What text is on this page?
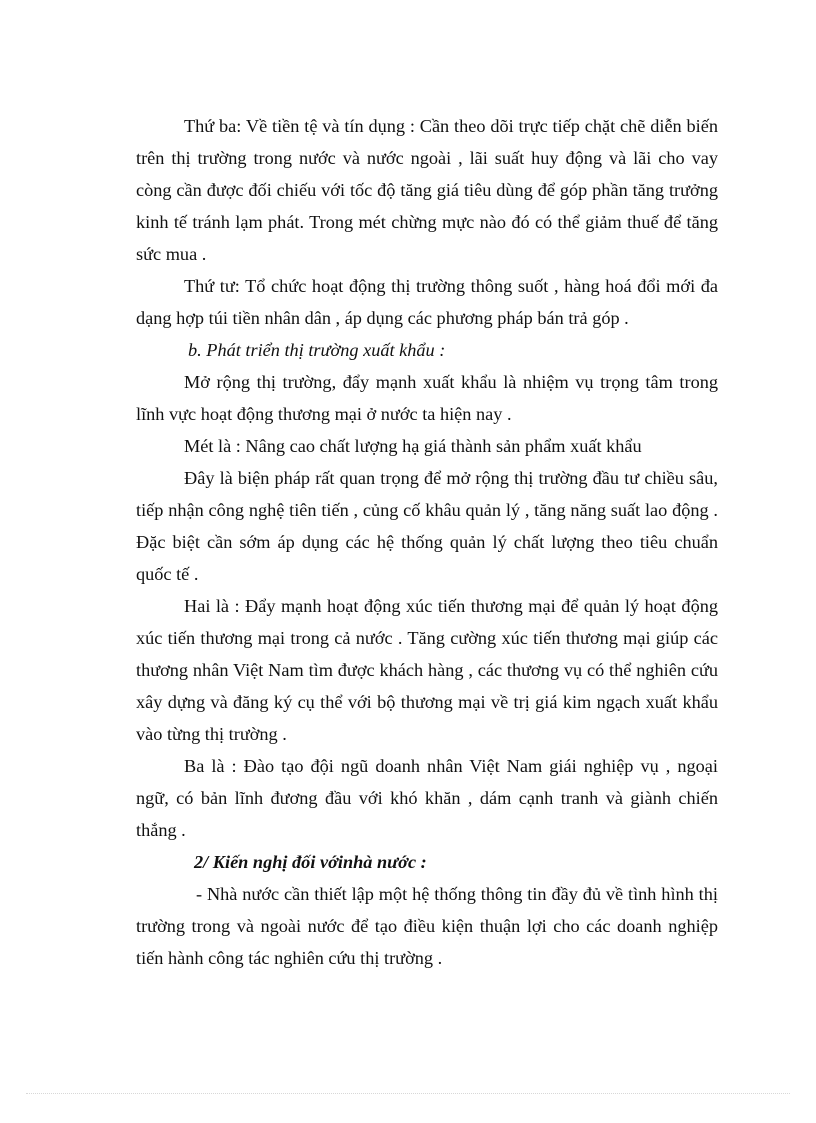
Thứ ba: Về tiền tệ và tín dụng : Cần theo dõi trực tiếp chặt chẽ diễn biến trên thị trường trong nước và nước ngoài , lãi suất huy động và lãi cho vay còng cần được đối chiếu với tốc độ tăng giá tiêu dùng để góp phần tăng trưởng kinh tế tránh lạm phát. Trong mét chừng mực nào đó có thể giảm thuế để tăng sức mua .

Thứ tư: Tổ chức hoạt động thị trường thông suốt , hàng hoá đổi mới đa dạng hợp túi tiền nhân dân , áp dụng các phương pháp bán trả góp .

b. Phát triển thị trường xuất khẩu :

Mở rộng thị trường, đẩy mạnh xuất khẩu là nhiệm vụ trọng tâm trong lĩnh vực hoạt động thương mại ở nước ta hiện nay .

Mét là : Nâng cao chất lượng hạ giá thành sản phẩm xuất khẩu

Đây là biện pháp rất quan trọng để mở rộng thị trường đầu tư chiều sâu, tiếp nhận công nghệ tiên tiến , củng cố khâu quản lý , tăng năng suất lao động . Đặc biệt cần sớm áp dụng các hệ thống quản lý chất lượng theo tiêu chuẩn quốc tế .

Hai là : Đẩy mạnh hoạt động xúc tiến thương mại để quản lý hoạt động xúc tiến thương mại trong cả nước . Tăng cường xúc tiến thương mại giúp các thương nhân Việt Nam tìm được khách hàng , các thương vụ có thể nghiên cứu xây dựng và đăng ký cụ thể với bộ thương mại về trị giá kim ngạch xuất khẩu vào từng thị trường .

Ba là : Đào tạo đội ngũ doanh nhân Việt Nam giái nghiệp vụ , ngoại ngữ, có bản lĩnh đương đầu với khó khăn , dám cạnh tranh và giành chiến thắng .

2/ Kiến nghị đối vớinhà nước :

- Nhà nước cần thiết lập một hệ thống thông tin đầy đủ về tình hình thị trường trong và ngoài nước để tạo điều kiện thuận lợi cho các doanh nghiệp tiến hành công tác nghiên cứu thị trường .
